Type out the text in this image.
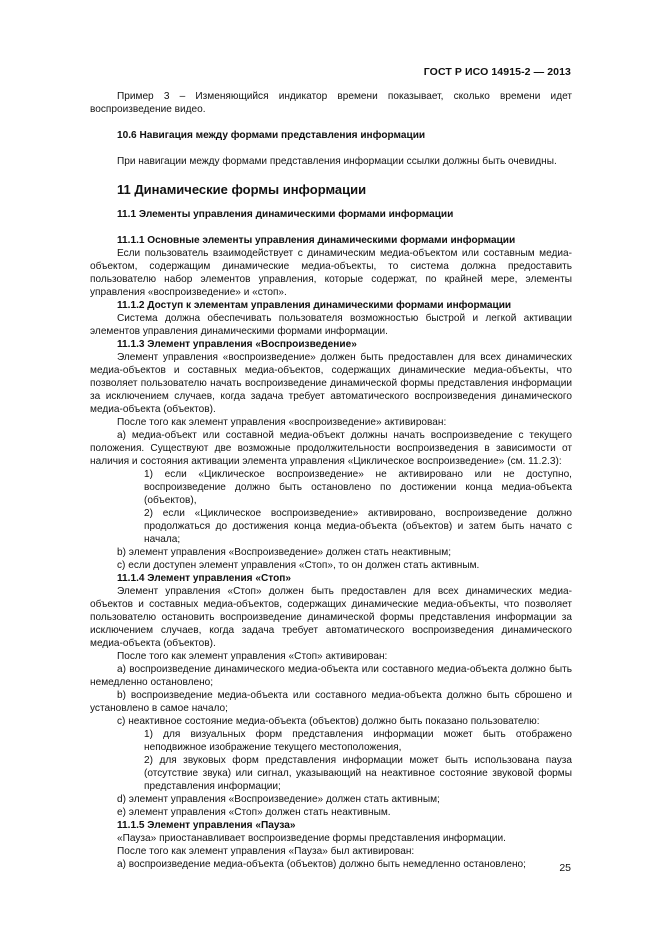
ГОСТ Р ИСО 14915-2 — 2013

Пример 3 – Изменяющийся индикатор времени показывает, сколько времени идет воспроизведение видео.

10.6 Навигация между формами представления информации

При навигации между формами представления информации ссылки должны быть очевидны.

11 Динамические формы информации

11.1 Элементы управления динамическими формами информации

11.1.1 Основные элементы управления динамическими формами информации

Если пользователь взаимодействует с динамическим медиа-объектом или составным медиа-объектом, содержащим динамические медиа-объекты, то система должна предоставить пользователю набор элементов управления, которые содержат, по крайней мере, элементы управления «воспроизведение» и «стоп».

11.1.2 Доступ к элементам управления динамическими формами информации

Система должна обеспечивать пользователя возможностью быстрой и легкой активации элементов управления динамическими формами информации.

11.1.3 Элемент управления «Воспроизведение»

Элемент управления «воспроизведение» должен быть предоставлен для всех динамических медиа-объектов и составных медиа-объектов, содержащих динамические медиа-объекты, что позволяет пользователю начать воспроизведение динамической формы представления информации за исключением случаев, когда задача требует автоматического воспроизведения динамического медиа-объекта (объектов).

После того как элемент управления «воспроизведение» активирован:

а) медиа-объект или составной медиа-объект должны начать воспроизведение с текущего положения. Существуют две возможные продолжительности воспроизведения в зависимости от наличия и состояния активации элемента управления «Циклическое воспроизведение» (см. 11.2.3):

1) если «Циклическое воспроизведение» не активировано или не доступно, воспроизведение должно быть остановлено по достижении конца медиа-объекта (объектов),

2) если «Циклическое воспроизведение» активировано, воспроизведение должно продолжаться до достижения конца медиа-объекта (объектов) и затем быть начато с начала;

b) элемент управления «Воспроизведение» должен стать неактивным;

c) если доступен элемент управления «Стоп», то он должен стать активным.

11.1.4 Элемент управления «Стоп»

Элемент управления «Стоп» должен быть предоставлен для всех динамических медиа-объектов и составных медиа-объектов, содержащих динамические медиа-объекты, что позволяет пользователю остановить воспроизведение динамической формы представления информации за исключением случаев, когда задача требует автоматического воспроизведения динамического медиа-объекта (объектов).

После того как элемент управления «Стоп» активирован:

a) воспроизведение динамического медиа-объекта или составного медиа-объекта должно быть немедленно остановлено;

b) воспроизведение медиа-объекта или составного медиа-объекта должно быть сброшено и установлено в самое начало;

c) неактивное состояние медиа-объекта (объектов) должно быть показано пользователю:

1) для визуальных форм представления информации может быть отображено неподвижное изображение текущего местоположения,

2) для звуковых форм представления информации может быть использована пауза (отсутствие звука) или сигнал, указывающий на неактивное состояние звуковой формы представления информации;

d) элемент управления «Воспроизведение» должен стать активным;

e) элемент управления «Стоп» должен стать неактивным.

11.1.5 Элемент управления «Пауза»

«Пауза» приостанавливает воспроизведение формы представления информации.

После того как элемент управления «Пауза» был активирован:

а) воспроизведение медиа-объекта (объектов) должно быть немедленно остановлено;	25
